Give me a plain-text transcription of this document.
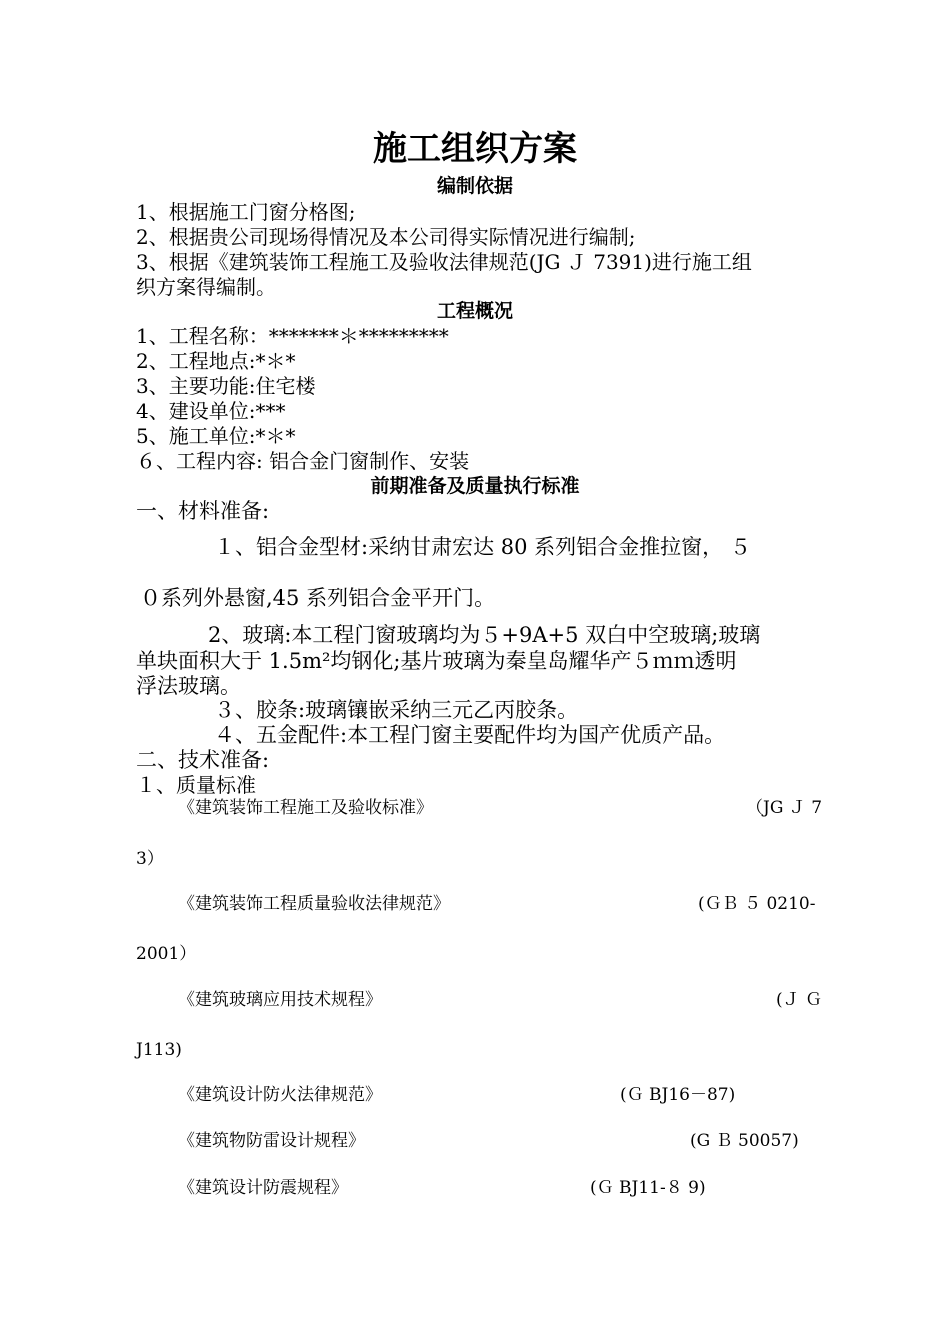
施工组织方案
编制依据
1、根据施工门窗分格图;
2、根据贵公司现场得情况及本公司得实际情况进行编制;
3、根据《建筑装饰工程施工及验收法律规范(JG Ｊ 7391)进行施工组
织方案得编制。
工程概况
1、工程名称：*******＊*********
2、工程地点:*＊*
3、主要功能:住宅楼
4、建设单位:***
5、施工单位:*＊*
６、工程内容: 铝合金门窗制作、安装
前期准备及质量执行标准
一、材料准备:
１、铝合金型材:采纳甘肃宏达 80 系列铝合金推拉窗， ５
０系列外悬窗,45 系列铝合金平开门。
2、玻璃:本工程门窗玻璃均为５+9A+5 双白中空玻璃;玻璃
单块面积大于 1.5m²均钢化;基片玻璃为秦皇岛耀华产５ｍｍ透明
浮法玻璃。
３、胶条:玻璃镶嵌采纳三元乙丙胶条。
４、五金配件:本工程门窗主要配件均为国产优质产品。
二、技术准备:
１、质量标准
《建筑装饰工程施工及验收标准》	（JG Ｊ 7
3）
《建筑装饰工程质量验收法律规范》	(ＧＢ ５ 0210-
2001）
《建筑玻璃应用技术规程》	(Ｊ Ｇ
J113)
《建筑设计防火法律规范》	(Ｇ BJ16－87)
《建筑物防雷设计规程》	(G Ｂ 50057)
《建筑设计防震规程》	(Ｇ BJ11-８ 9)
